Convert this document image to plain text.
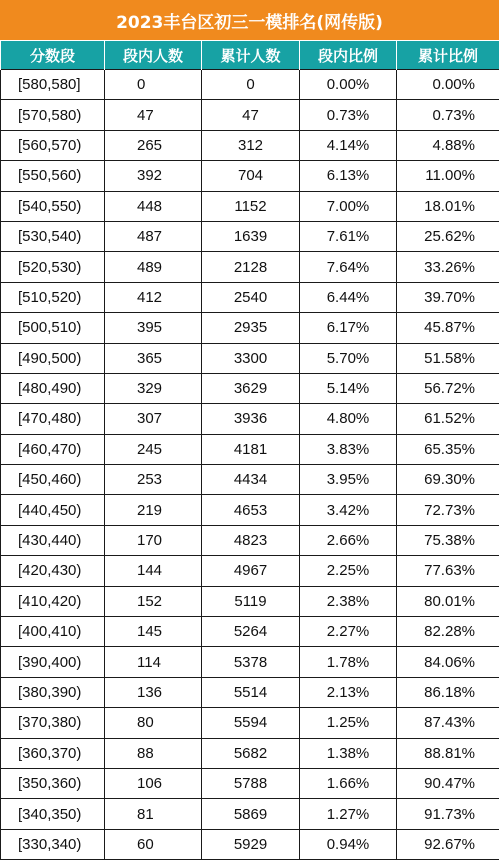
2023丰台区初三一模排名(网传版)
分数段	段内人数	累计人数	段内比例	累计比例
[580,580]	0	0	0.00%	0.00%
[570,580)	47	47	0.73%	0.73%
[560,570)	265	312	4.14%	4.88%
[550,560)	392	704	6.13%	11.00%
[540,550)	448	1152	7.00%	18.01%
[530,540)	487	1639	7.61%	25.62%
[520,530)	489	2128	7.64%	33.26%
[510,520)	412	2540	6.44%	39.70%
[500,510)	395	2935	6.17%	45.87%
[490,500)	365	3300	5.70%	51.58%
[480,490)	329	3629	5.14%	56.72%
[470,480)	307	3936	4.80%	61.52%
[460,470)	245	4181	3.83%	65.35%
[450,460)	253	4434	3.95%	69.30%
[440,450)	219	4653	3.42%	72.73%
[430,440)	170	4823	2.66%	75.38%
[420,430)	144	4967	2.25%	77.63%
[410,420)	152	5119	2.38%	80.01%
[400,410)	145	5264	2.27%	82.28%
[390,400)	114	5378	1.78%	84.06%
[380,390)	136	5514	2.13%	86.18%
[370,380)	80	5594	1.25%	87.43%
[360,370)	88	5682	1.38%	88.81%
[350,360)	106	5788	1.66%	90.47%
[340,350)	81	5869	1.27%	91.73%
[330,340)	60	5929	0.94%	92.67%
